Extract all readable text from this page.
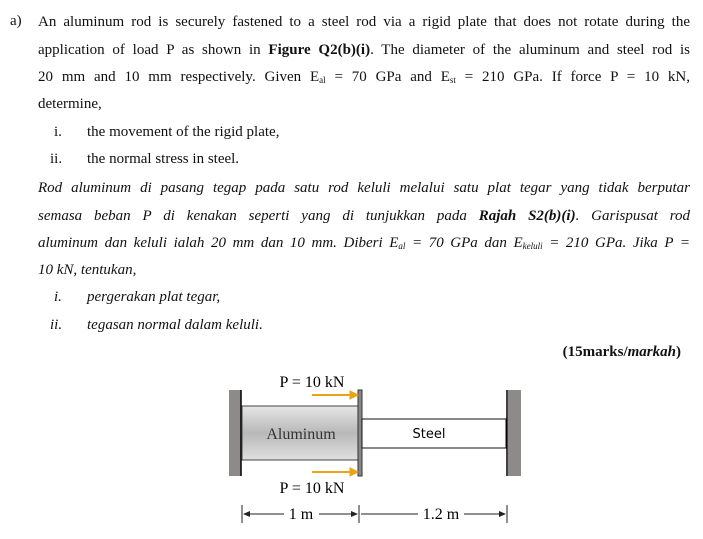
a) An aluminum rod is securely fastened to a steel rod via a rigid plate that does not rotate during the
application of load P as shown in Figure Q2(b)(i). The diameter of the aluminum and steel rod is
20 mm and 10 mm respectively. Given $E_{al} = 70$ GPa and $E_{st} = 210$ GPa. If force P = 10 kN,
determine,
i. the movement of the rigid plate,
ii. the normal stress in steel.
Rod aluminum di pasang tegap pada satu rod keluli melalui satu plat tegar yang tidak berputar
semasa beban P di kenakan seperti yang di tunjukkan pada Rajah S2(b)(i). Garispusat rod
aluminum dan keluli ialah 20 mm dan 10 mm. Diberi $E_{al} = 70$ GPa dan $E_{keluli} = 210$ GPa. Jika P =
10 kN, tentukan,
i. pergerakan plat tegar,
ii. tegasan normal dalam keluli.
(15marks/markah)
P = 10 kN
P = 10 kN
Aluminum	Steel
1 m	1.2 m
